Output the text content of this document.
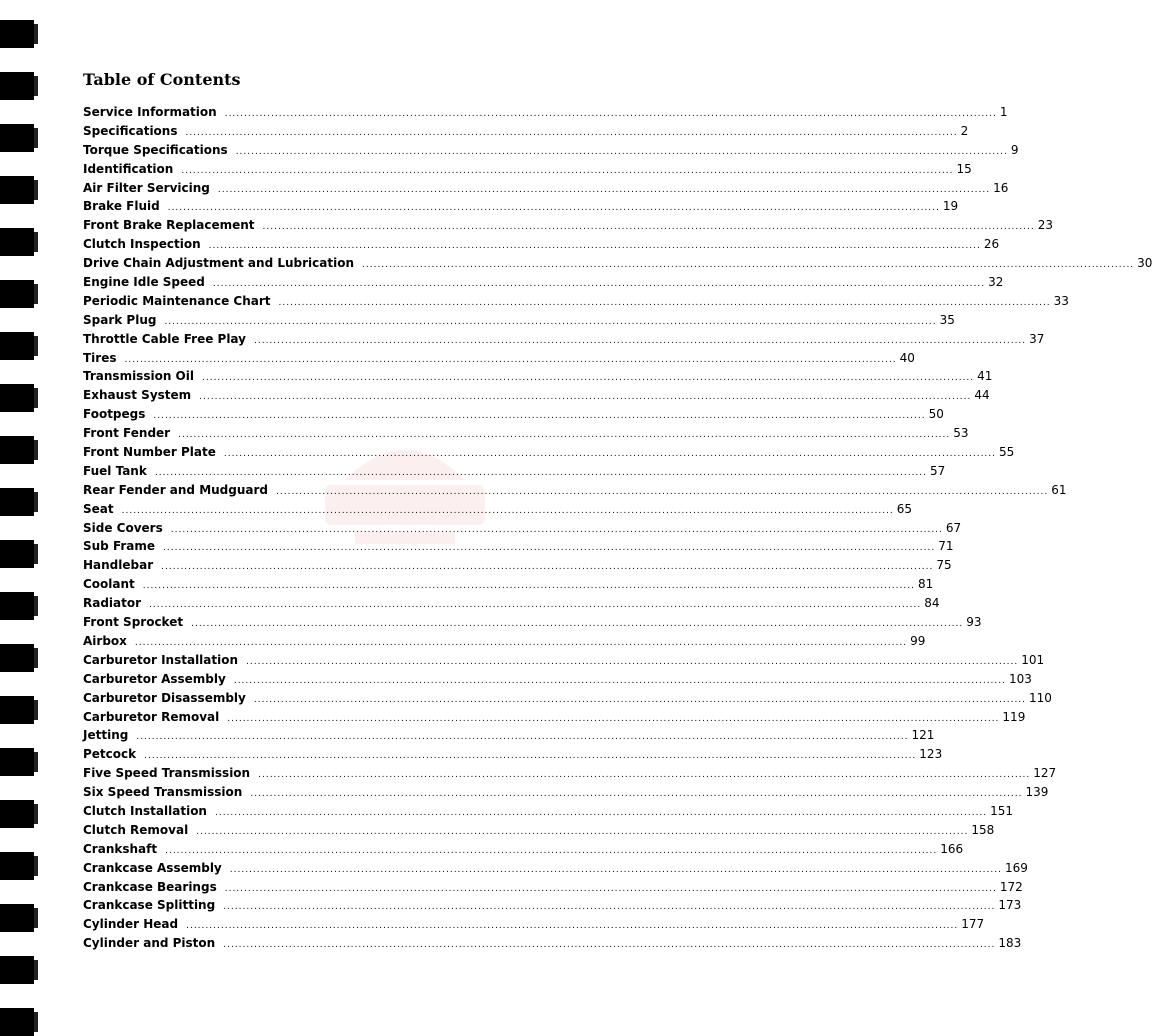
Table of Contents
Service Information ........................................................................................................................................................................................................ 1
Specifications ........................................................................................................................................................................................................ 2
Torque Specifications ........................................................................................................................................................................................................ 9
Identification ........................................................................................................................................................................................................ 15
Air Filter Servicing ........................................................................................................................................................................................................ 16
Brake Fluid ........................................................................................................................................................................................................ 19
Front Brake Replacement ........................................................................................................................................................................................................ 23
Clutch Inspection ........................................................................................................................................................................................................ 26
Drive Chain Adjustment and Lubrication ........................................................................................................................................................................................................ 30
Engine Idle Speed ........................................................................................................................................................................................................ 32
Periodic Maintenance Chart ........................................................................................................................................................................................................ 33
Spark Plug ........................................................................................................................................................................................................ 35
Throttle Cable Free Play ........................................................................................................................................................................................................ 37
Tires ........................................................................................................................................................................................................ 40
Transmission Oil ........................................................................................................................................................................................................ 41
Exhaust System ........................................................................................................................................................................................................ 44
Footpegs ........................................................................................................................................................................................................ 50
Front Fender ........................................................................................................................................................................................................ 53
Front Number Plate ........................................................................................................................................................................................................ 55
Fuel Tank ........................................................................................................................................................................................................ 57
Rear Fender and Mudguard ........................................................................................................................................................................................................ 61
Seat ........................................................................................................................................................................................................ 65
Side Covers ........................................................................................................................................................................................................ 67
Sub Frame ........................................................................................................................................................................................................ 71
Handlebar ........................................................................................................................................................................................................ 75
Coolant ........................................................................................................................................................................................................ 81
Radiator ........................................................................................................................................................................................................ 84
Front Sprocket ........................................................................................................................................................................................................ 93
Airbox ........................................................................................................................................................................................................ 99
Carburetor Installation ........................................................................................................................................................................................................ 101
Carburetor Assembly ........................................................................................................................................................................................................ 103
Carburetor Disassembly ........................................................................................................................................................................................................ 110
Carburetor Removal ........................................................................................................................................................................................................ 119
Jetting ........................................................................................................................................................................................................ 121
Petcock ........................................................................................................................................................................................................ 123
Five Speed Transmission ........................................................................................................................................................................................................ 127
Six Speed Transmission ........................................................................................................................................................................................................ 139
Clutch Installation ........................................................................................................................................................................................................ 151
Clutch Removal ........................................................................................................................................................................................................ 158
Crankshaft ........................................................................................................................................................................................................ 166
Crankcase Assembly ........................................................................................................................................................................................................ 169
Crankcase Bearings ........................................................................................................................................................................................................ 172
Crankcase Splitting ........................................................................................................................................................................................................ 173
Cylinder Head ........................................................................................................................................................................................................ 177
Cylinder and Piston ........................................................................................................................................................................................................ 183
